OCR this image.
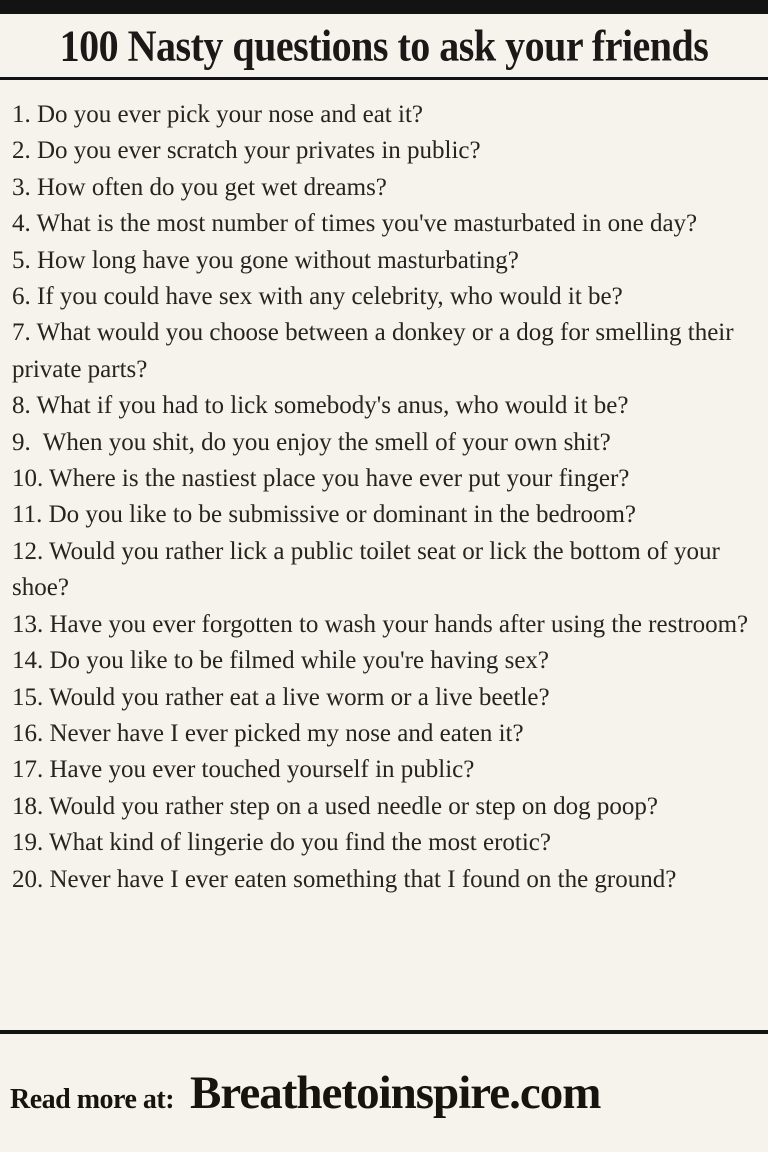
100 Nasty questions to ask your friends

1. Do you ever pick your nose and eat it?

2. Do you ever scratch your privates in public?

3. How often do you get wet dreams?

4. What is the most number of times you've masturbated in one day?

5. How long have you gone without masturbating?

6. If you could have sex with any celebrity, who would it be?

7. What would you choose between a donkey or a dog for smelling their private parts?

8. What if you had to lick somebody's anus, who would it be?

9.  When you shit, do you enjoy the smell of your own shit?

10. Where is the nastiest place you have ever put your finger?

11. Do you like to be submissive or dominant in the bedroom?

12. Would you rather lick a public toilet seat or lick the bottom of your shoe?

13. Have you ever forgotten to wash your hands after using the restroom?

14. Do you like to be filmed while you're having sex?

15. Would you rather eat a live worm or a live beetle?

16. Never have I ever picked my nose and eaten it?

17. Have you ever touched yourself in public?

18. Would you rather step on a used needle or step on dog poop?

19. What kind of lingerie do you find the most erotic?

20. Never have I ever eaten something that I found on the ground?

Read more at: Breathetoinspire.com
